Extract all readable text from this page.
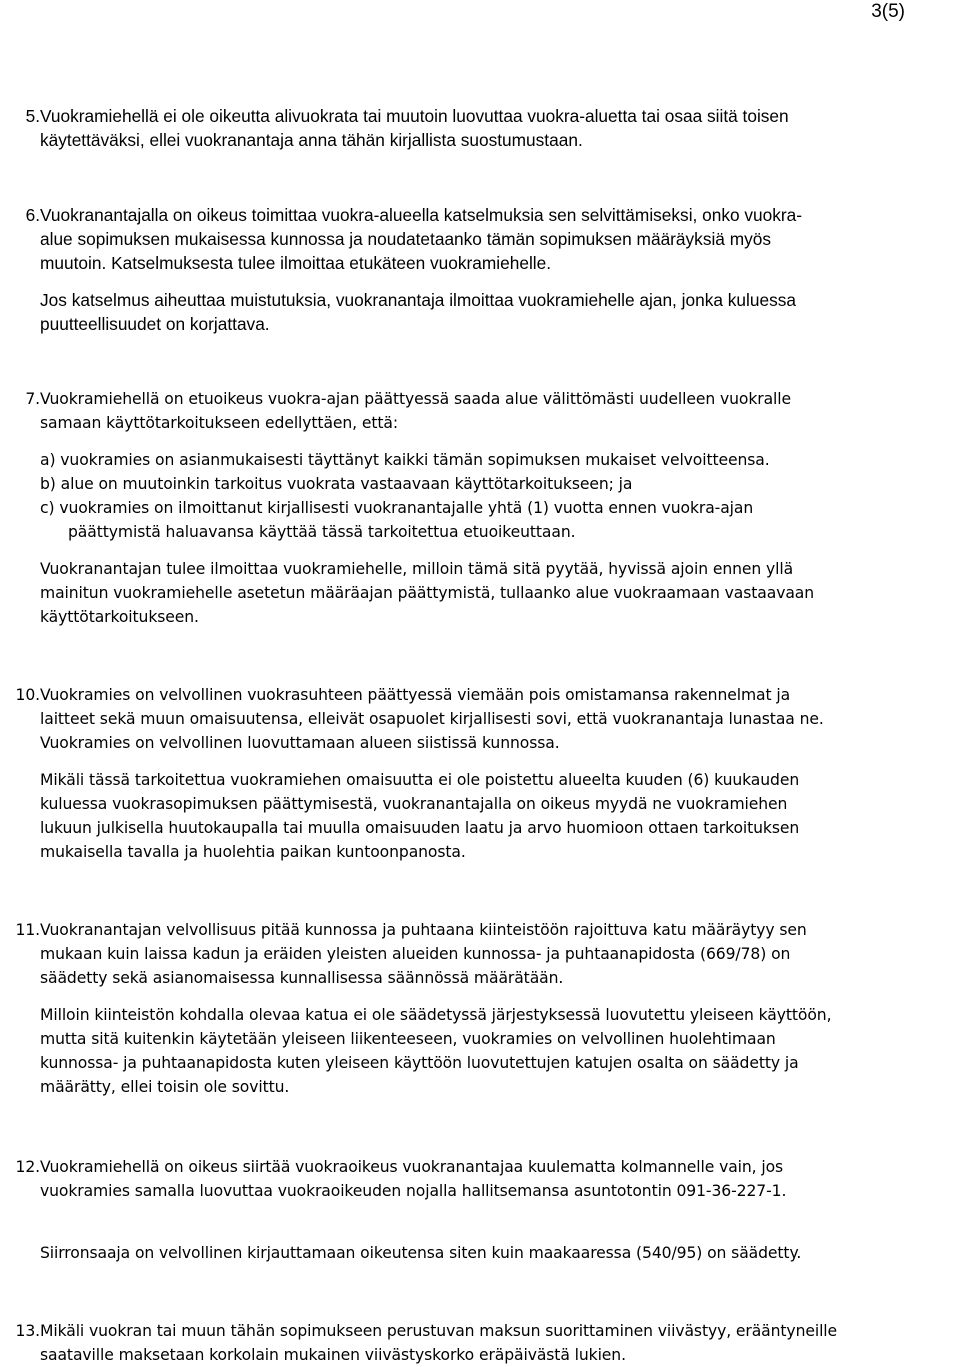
3(5)
5. Vuokramiehellä ei ole oikeutta alivuokrata tai muutoin luovuttaa vuokra-aluetta tai osaa siitä toisen
käytettäväksi, ellei vuokranantaja anna tähän kirjallista suostumustaan.
6. Vuokranantajalla on oikeus toimittaa vuokra-alueella katselmuksia sen selvittämiseksi, onko vuokra-
alue sopimuksen mukaisessa kunnossa ja noudatetaanko tämän sopimuksen määräyksiä myös
muutoin. Katselmuksesta tulee ilmoittaa etukäteen vuokramiehelle.
Jos katselmus aiheuttaa muistutuksia, vuokranantaja ilmoittaa vuokramiehelle ajan, jonka kuluessa
puutteellisuudet on korjattava.
7. Vuokramiehellä on etuoikeus vuokra-ajan päättyessä saada alue välittömästi uudelleen vuokralle
samaan käyttötarkoitukseen edellyttäen, että:
a) vuokramies on asianmukaisesti täyttänyt kaikki tämän sopimuksen mukaiset velvoitteensa.
b) alue on muutoinkin tarkoitus vuokrata vastaavaan käyttötarkoitukseen; ja
c) vuokramies on ilmoittanut kirjallisesti vuokranantajalle yhtä (1) vuotta ennen vuokra-ajan
päättymistä haluavansa käyttää tässä tarkoitettua etuoikeuttaan.
Vuokranantajan tulee ilmoittaa vuokramiehelle, milloin tämä sitä pyytää, hyvissä ajoin ennen yllä
mainitun vuokramiehelle asetetun määräajan päättymistä, tullaanko alue vuokraamaan vastaavaan
käyttötarkoitukseen.
10. Vuokramies on velvollinen vuokrasuhteen päättyessä viemään pois omistamansa rakennelmat ja
laitteet sekä muun omaisuutensa, elleivät osapuolet kirjallisesti sovi, että vuokranantaja lunastaa ne.
Vuokramies on velvollinen luovuttamaan alueen siistissä kunnossa.
Mikäli tässä tarkoitettua vuokramiehen omaisuutta ei ole poistettu alueelta kuuden (6) kuukauden
kuluessa vuokrasopimuksen päättymisestä, vuokranantajalla on oikeus myydä ne vuokramiehen
lukuun julkisella huutokaupalla tai muulla omaisuuden laatu ja arvo huomioon ottaen tarkoituksen
mukaisella tavalla ja huolehtia paikan kuntoonpanosta.
11. Vuokranantajan velvollisuus pitää kunnossa ja puhtaana kiinteistöön rajoittuva katu määräytyy sen
mukaan kuin laissa kadun ja eräiden yleisten alueiden kunnossa- ja puhtaanapidosta (669/78) on
säädetty sekä asianomaisessa kunnallisessa säännössä määrätään.
Milloin kiinteistön kohdalla olevaa katua ei ole säädetyssä järjestyksessä luovutettu yleiseen käyttöön,
mutta sitä kuitenkin käytetään yleiseen liikenteeseen, vuokramies on velvollinen huolehtimaan
kunnossa- ja puhtaanapidosta kuten yleiseen käyttöön luovutettujen katujen osalta on säädetty ja
määrätty, ellei toisin ole sovittu.
12. Vuokramiehellä on oikeus siirtää vuokraoikeus vuokranantajaa kuulematta kolmannelle vain, jos
vuokramies samalla luovuttaa vuokraoikeuden nojalla hallitsemansa asuntotontin 091-36-227-1.
Siirronsaaja on velvollinen kirjauttamaan oikeutensa siten kuin maakaaressa (540/95) on säädetty.
13. Mikäli vuokran tai muun tähän sopimukseen perustuvan maksun suorittaminen viivästyy, erääntyneille
saataville maksetaan korkolain mukainen viivästyskorko eräpäivästä lukien.
